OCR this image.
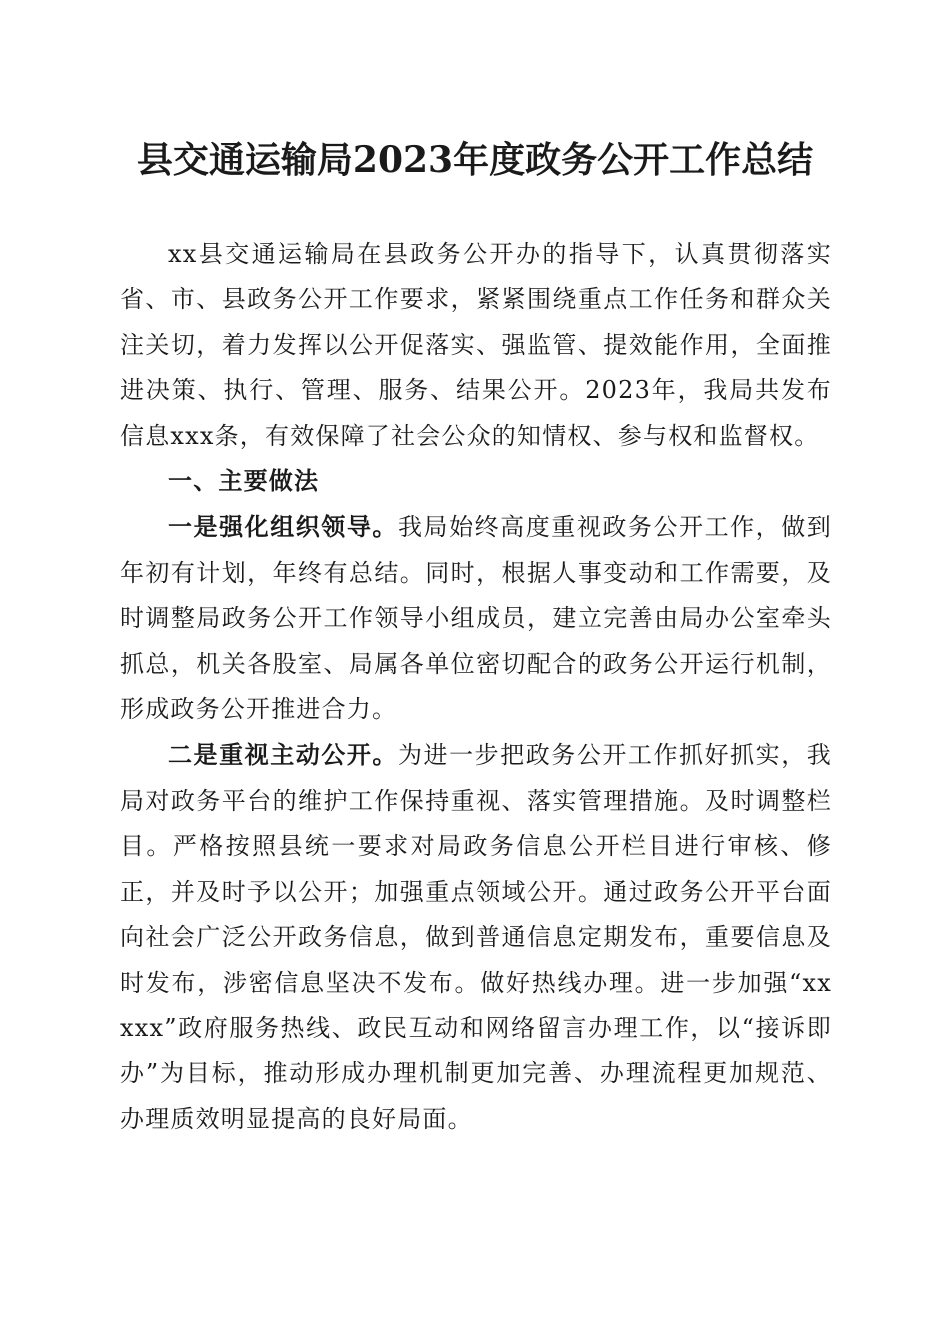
县交通运输局2023年度政务公开工作总结

xx县交通运输局在县政务公开办的指导下，认真贯彻落实省、市、县政务公开工作要求，紧紧围绕重点工作任务和群众关注关切，着力发挥以公开促落实、强监管、提效能作用，全面推进决策、执行、管理、服务、结果公开。2023年，我局共发布信息xxx条，有效保障了社会公众的知情权、参与权和监督权。

一、主要做法

一是强化组织领导。我局始终高度重视政务公开工作，做到年初有计划，年终有总结。同时，根据人事变动和工作需要，及时调整局政务公开工作领导小组成员，建立完善由局办公室牵头抓总，机关各股室、局属各单位密切配合的政务公开运行机制，形成政务公开推进合力。

二是重视主动公开。为进一步把政务公开工作抓好抓实，我局对政务平台的维护工作保持重视、落实管理措施。及时调整栏目。严格按照县统一要求对局政务信息公开栏目进行审核、修正，并及时予以公开；加强重点领域公开。通过政务公开平台面向社会广泛公开政务信息，做到普通信息定期发布，重要信息及时发布，涉密信息坚决不发布。做好热线办理。进一步加强“xxxxx”政府服务热线、政民互动和网络留言办理工作，以“接诉即办”为目标，推动形成办理机制更加完善、办理流程更加规范、办理质效明显提高的良好局面。
